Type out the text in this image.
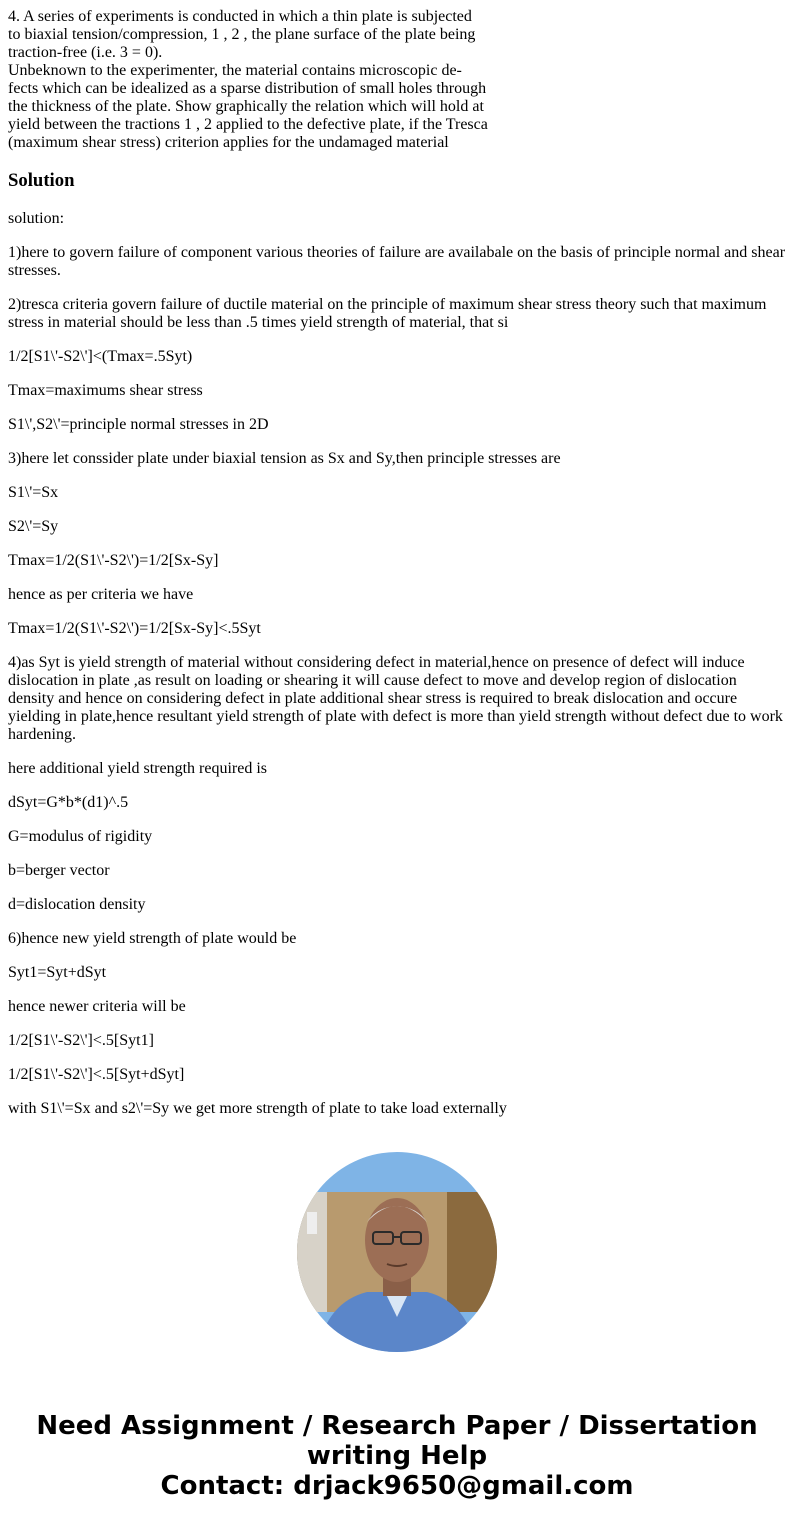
4. A series of experiments is conducted in which a thin plate is subjected
to biaxial tension/compression, 1 , 2 , the plane surface of the plate being
traction-free (i.e. 3 = 0).
Unbeknown to the experimenter, the material contains microscopic de-
fects which can be idealized as a sparse distribution of small holes through
the thickness of the plate. Show graphically the relation which will hold at
yield between the tractions 1 , 2 applied to the defective plate, if the Tresca
(maximum shear stress) criterion applies for the undamaged material
Solution

solution:

1)here to govern failure of component various theories of failure are availabale on the basis of principle normal and shear stresses.

2)tresca criteria govern failure of ductile material on the principle of maximum shear stress theory such that maximum stress in material should be less than .5 times yield strength of material, that si

1/2[S1\'-S2\']<(Tmax=.5Syt)

Tmax=maximums shear stress

S1\',S2\'=principle normal stresses in 2D

3)here let conssider plate under biaxial tension as Sx and Sy,then principle stresses are

S1\'=Sx

S2\'=Sy

Tmax=1/2(S1\'-S2\')=1/2[Sx-Sy]

hence as per criteria we have

Tmax=1/2(S1\'-S2\')=1/2[Sx-Sy]<.5Syt

4)as Syt is yield strength of material without considering defect in material,hence on presence of defect will induce dislocation in plate ,as result on loading or shearing it will cause defect to move and develop region of dislocation density and hence on considering defect in plate additional shear stress is required to break dislocation and occure yielding in plate,hence resultant yield strength of plate with defect is more than yield strength without defect due to work hardening.

here additional yield strength required is

dSyt=G*b*(d1)^.5

G=modulus of rigidity

b=berger vector

d=dislocation density

6)hence new yield strength of plate would be

Syt1=Syt+dSyt

hence newer criteria will be

1/2[S1\'-S2\']<.5[Syt1]

1/2[S1\'-S2\']<.5[Syt+dSyt]

with S1\'=Sx and s2\'=Sy we get more strength of plate to take load externally

Need Assignment / Research Paper / Dissertation
writing Help
Contact: drjack9650@gmail.com
